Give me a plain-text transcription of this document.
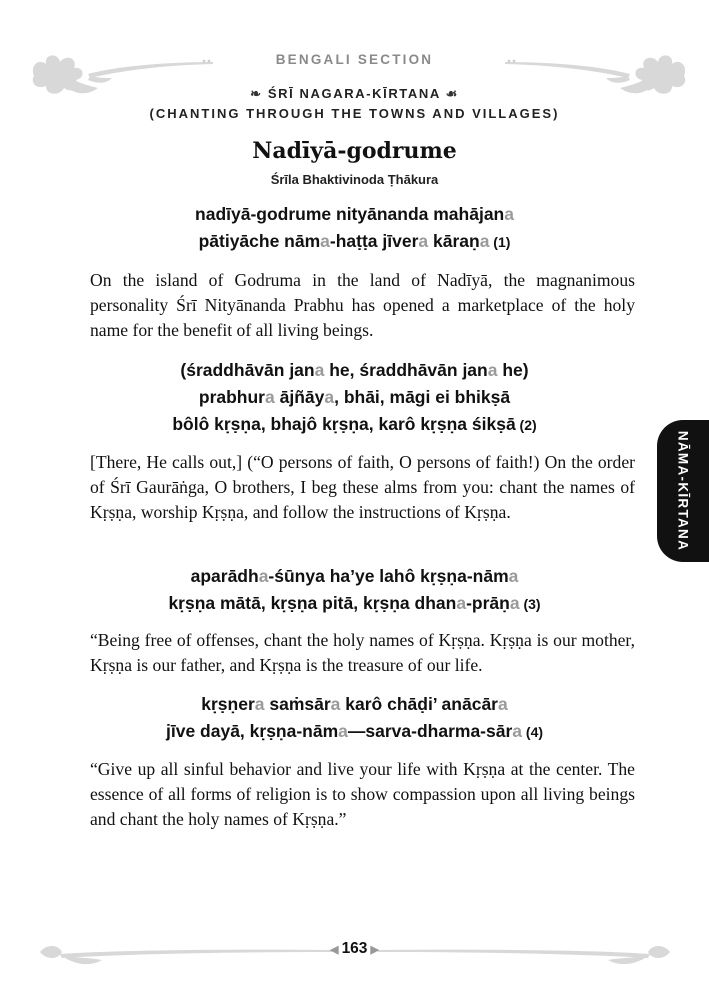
BENGALI SECTION
❧ ŚRĪ NAGARA-KĪRTANA ☙
(CHANTING THROUGH THE TOWNS AND VILLAGES)
Nadīyā-godrume
Śrīla Bhaktivinoda Ṭhākura
nadīyā-godrume nityānanda mahājana
pātiyāche nāma-haṭṭa jīvera kāraṇa (1)
On the island of Godruma in the land of Nadīyā, the magnanimous personality Śrī Nityānanda Prabhu has opened a marketplace of the holy name for the benefit of all living beings.
(śraddhāvān jana he, śraddhāvān jana he)
prabhura ājñāya, bhāi, māgi ei bhikṣā
bôlô kṛṣṇa, bhajô kṛṣṇa, karô kṛṣṇa śikṣā (2)
[There, He calls out,] (“O persons of faith, O persons of faith!) On the order of Śrī Gaurāṅga, O brothers, I beg these alms from you: chant the names of Kṛṣṇa, worship Kṛṣṇa, and follow the instructions of Kṛṣṇa.
aparādha-śūnya ha’ye lahô kṛṣṇa-nāma
kṛṣṇa mātā, kṛṣṇa pitā, kṛṣṇa dhana-prāṇa (3)
“Being free of offenses, chant the holy names of Kṛṣṇa. Kṛṣṇa is our mother, Kṛṣṇa is our father, and Kṛṣṇa is the treasure of our life.
kṛṣṇera saṁsāra karô chāḍi’ anācāra
jīve dayā, kṛṣṇa-nāma—sarva-dharma-sāra (4)
“Give up all sinful behavior and live your life with Kṛṣṇa at the center. The essence of all forms of religion is to show compassion upon all living beings and chant the holy names of Kṛṣṇa.”
NĀMA-KĪRTANA
◀ 163 ▶
